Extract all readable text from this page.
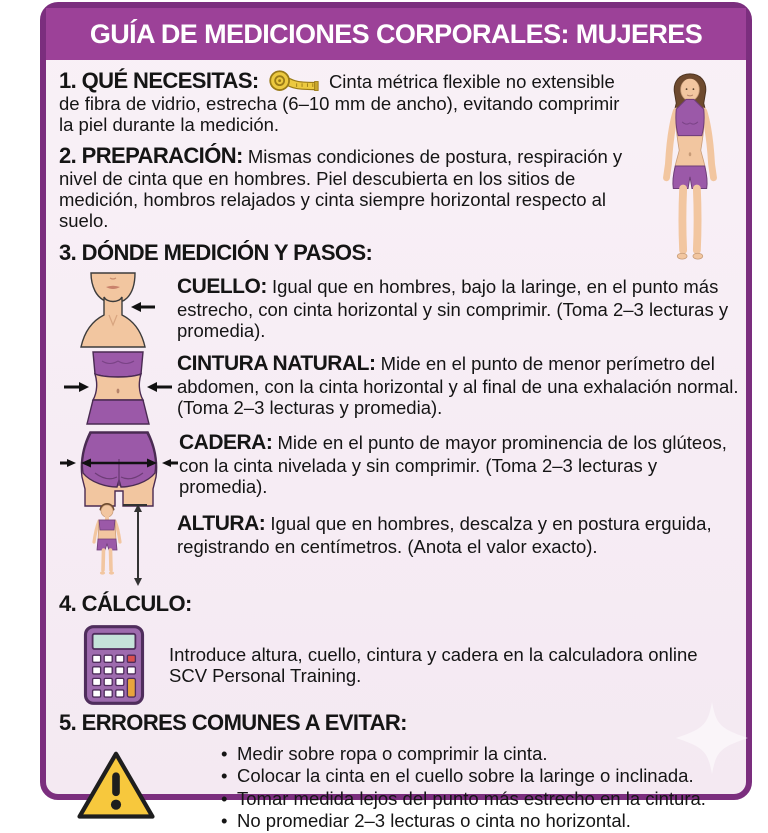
GUÍA DE MEDICIONES CORPORALES: MUJERES

1. QUÉ NECESITAS:	Cinta métrica flexible no extensible de fibra de vidrio, estrecha (6–10 mm de ancho), evitando comprimir la piel durante la medición.

2. PREPARACIÓN: Mismas condiciones de postura, respiración y nivel de cinta que en hombres. Piel descubierta en los sitios de medición, hombros relajados y cinta siempre horizontal respecto al suelo.

3. DÓNDE MEDICIÓN Y PASOS:

CUELLO: Igual que en hombres, bajo la laringe, en el punto más estrecho, con cinta horizontal y sin comprimir. (Toma 2–3 lecturas y promedia).

CINTURA NATURAL: Mide en el punto de menor perímetro del abdomen, con la cinta horizontal y al final de una exhalación normal. (Toma 2–3 lecturas y promedia).

CADERA: Mide en el punto de mayor prominencia de los glúteos, con la cinta nivelada y sin comprimir. (Toma 2–3 lecturas y promedia).

ALTURA: Igual que en hombres, descalza y en postura erguida, registrando en centímetros. (Anota el valor exacto).

4. CÁLCULO:

Introduce altura, cuello, cintura y cadera en la calculadora online SCV Personal Training.

5. ERRORES COMUNES A EVITAR:

• Medir sobre ropa o comprimir la cinta.
• Colocar la cinta en el cuello sobre la laringe o inclinada.
• Tomar medida lejos del punto más estrecho en la cintura.
• No promediar 2–3 lecturas o cinta no horizontal.
